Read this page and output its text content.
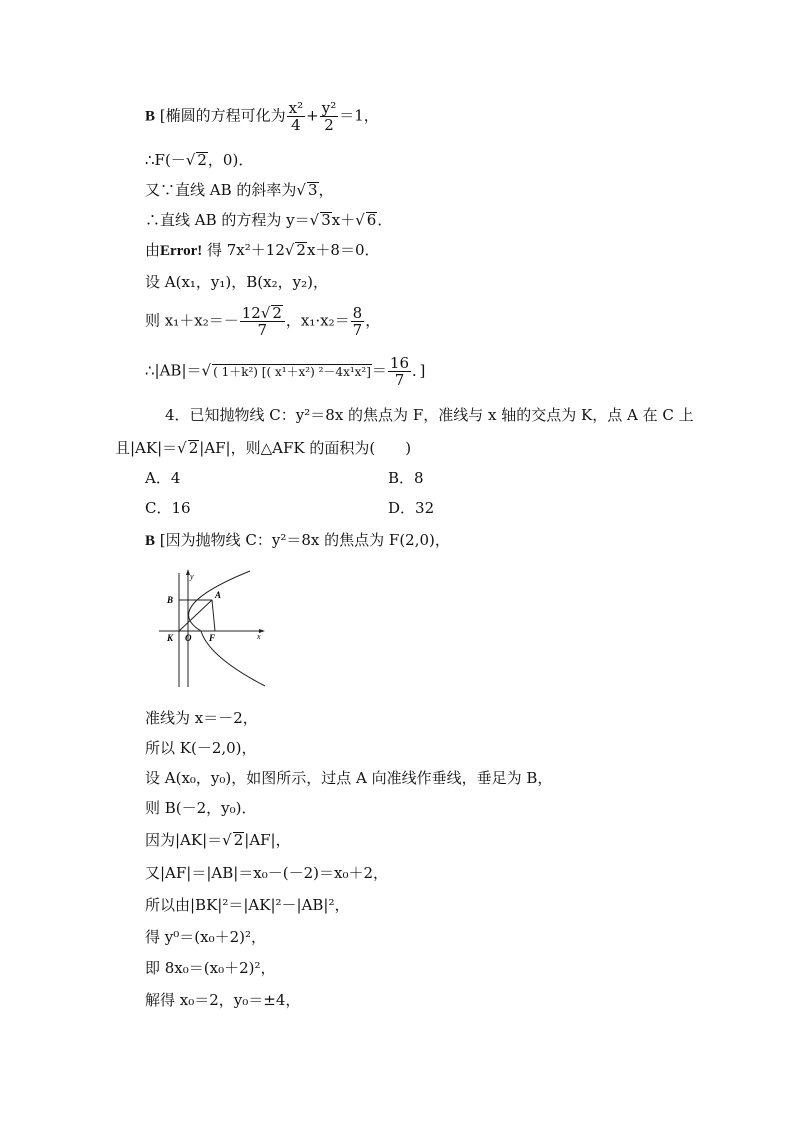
B [椭圆的方程可化为 $\frac{\text{x²}}{4} + \frac{\text{y²}}{2} =1$，
∴F(－√ 2，0)．
又∵直线 AB 的斜率为√ 3，
∴直线 AB 的方程为 y＝√ 3x＋√ 6．
由Error! 得 7x²＋12√ 2x＋8＝0．
设 A(x₁，y₁)，B(x₂，y₂)，
则 $x_1+x_2=- \frac{12√ 2}{7}$ ，$x_1\cdot x_2= \frac{8}{7}$ ，
∴|AB|＝√ ( 1＋k²) [( x¹＋x²) $^2-4x^1x^2]= \frac{16}{7}$ ．]
4．已知抛物线 C：y²＝8x 的焦点为 F，准线与 x 轴的交点为 K，点 A 在 C 上
且|AK|＝√ 2|AF|，则△AFK 的面积为(　　)
A．4	B．8
C．16	D．32
B [因为抛物线 C：y²＝8x 的焦点为 F(2,0)，
y
x
B	A
K O F
准线为 x＝－2，
所以 K(－2,0)，
设 A(x₀，y₀)，如图所示，过点 A 向准线作垂线，垂足为 B，
则 B(－2，y₀)．
因为|AK|＝√ 2|AF|，
又|AF|＝|AB|＝x₀－(－2)＝x₀＋2，
所以由|BK|²＝|AK|²－|AB|²，
得 y⁰＝(x₀＋2)²，
即 8x₀＝(x₀＋2)²，
解得 x₀＝2，y₀＝±4，
